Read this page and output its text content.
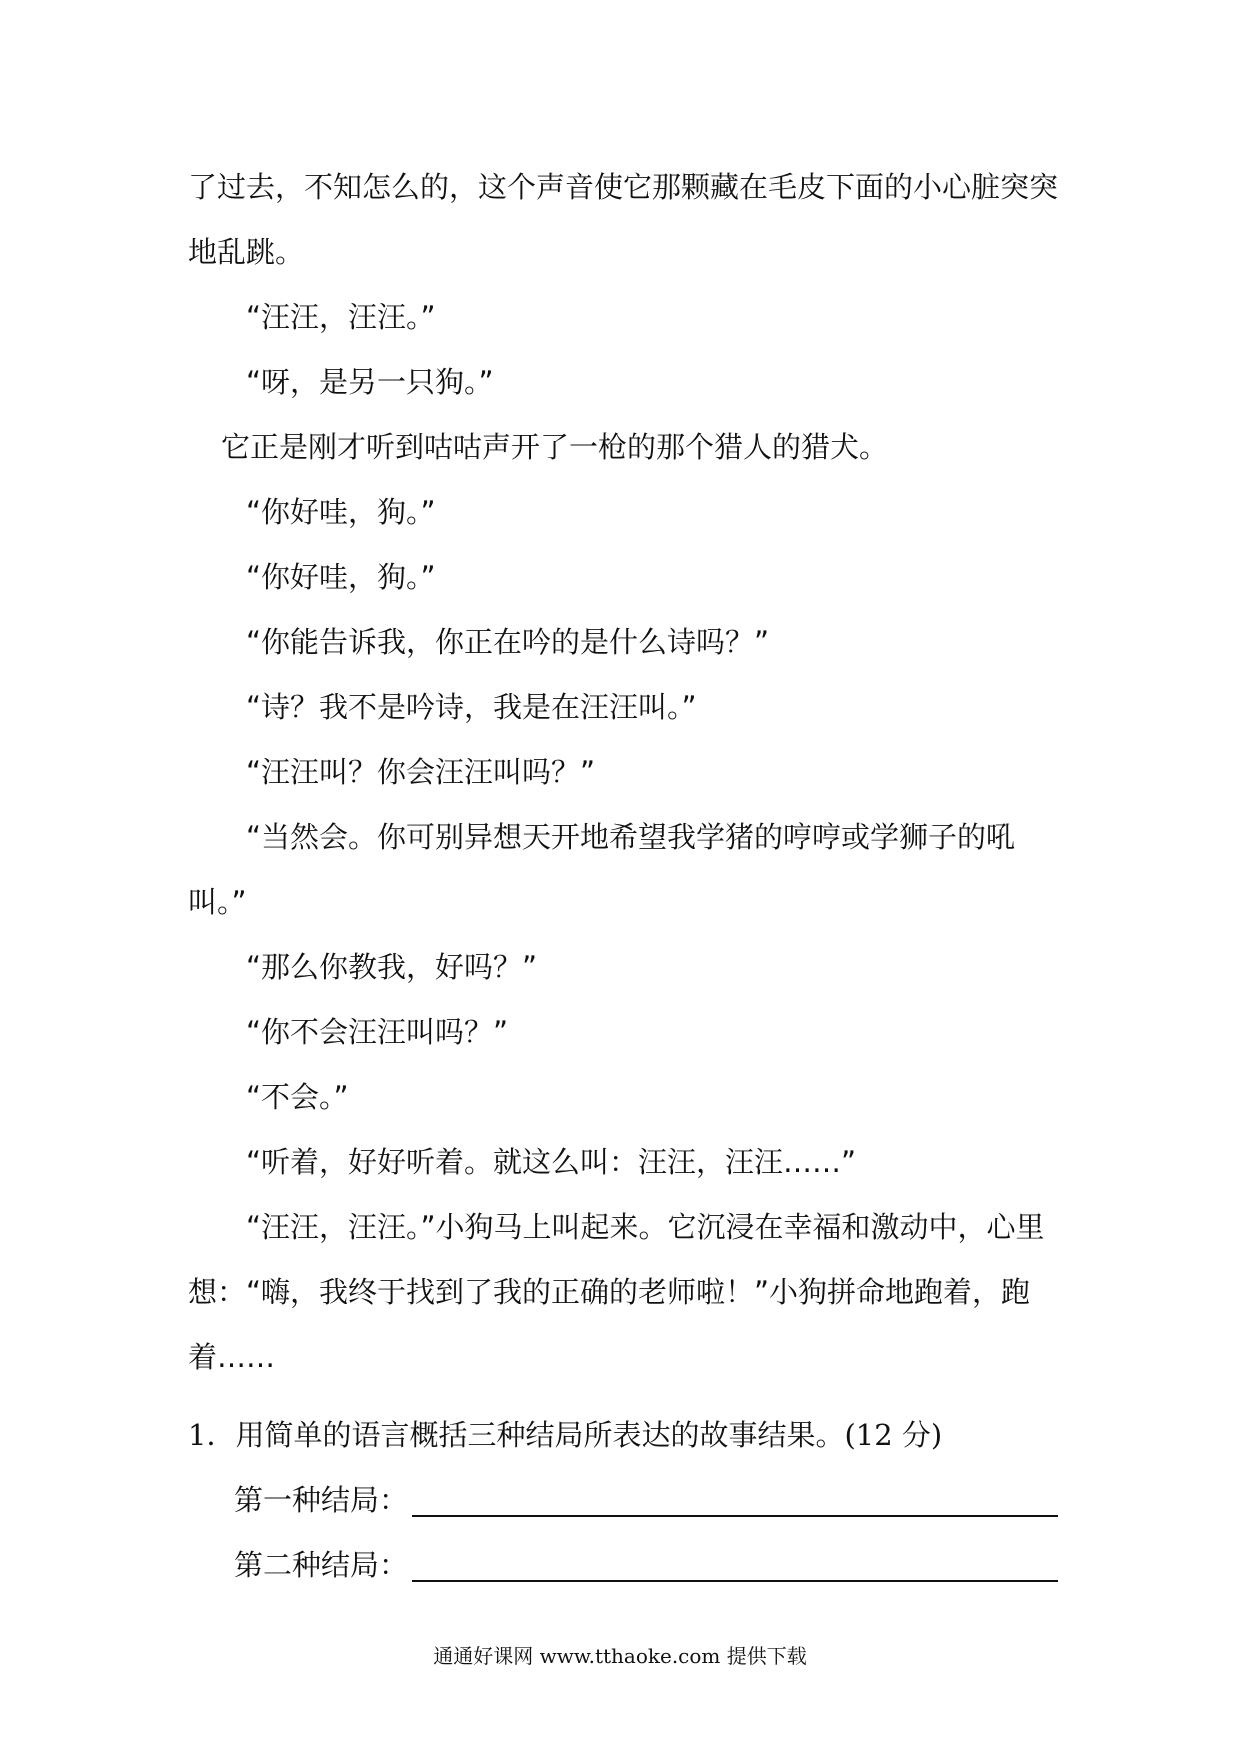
了过去，不知怎么的，这个声音使它那颗藏在毛皮下面的小心脏突突地乱跳。

“汪汪，汪汪。”

“呀，是另一只狗。”

它正是刚才听到咕咕声开了一枪的那个猎人的猎犬。

“你好哇，狗。”

“你好哇，狗。”

“你能告诉我，你正在吟的是什么诗吗？”

“诗？我不是吟诗，我是在汪汪叫。”

“汪汪叫？你会汪汪叫吗？”

“当然会。你可别异想天开地希望我学猪的哼哼或学狮子的吼叫。”

“那么你教我，好吗？”

“你不会汪汪叫吗？”

“不会。”

“听着，好好听着。就这么叫：汪汪，汪汪……”

“汪汪，汪汪。”小狗马上叫起来。它沉浸在幸福和激动中，心里想：“嗨，我终于找到了我的正确的老师啦！”小狗拼命地跑着，跑着……

1．用简单的语言概括三种结局所表达的故事结果。(12 分)

第一种结局：
第二种结局：
通通好课网 www.tthaoke.com 提供下载
